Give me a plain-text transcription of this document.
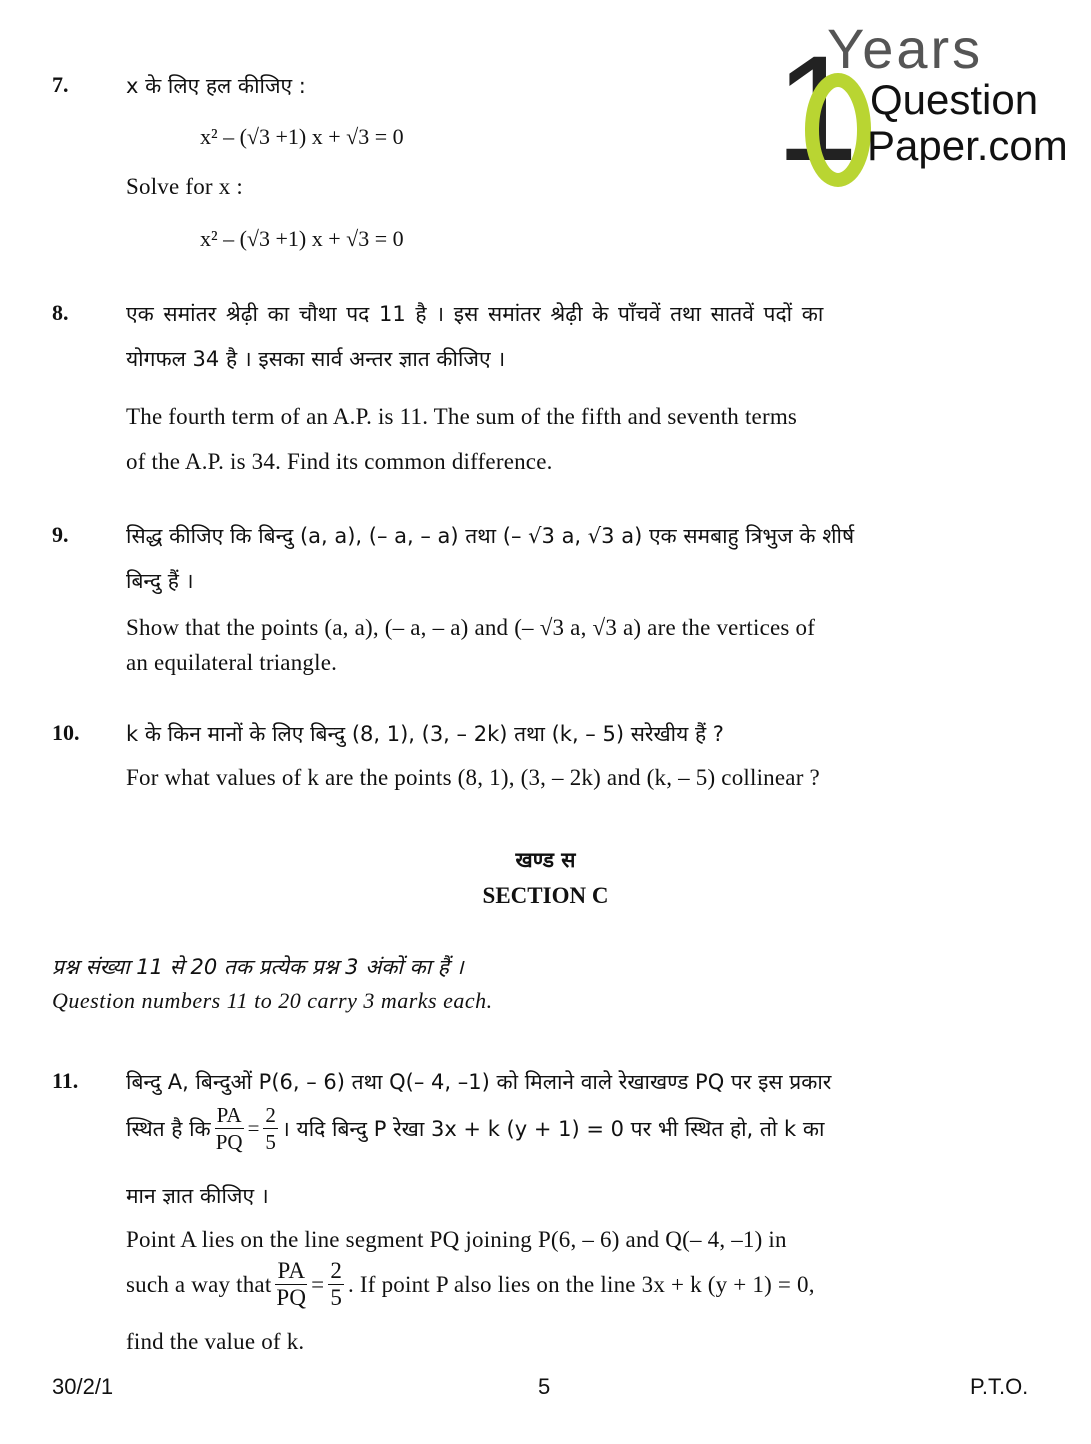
1
Years
Question
Paper.com
7.	x के लिए हल कीजिए :
x² – (√3 +1) x + √3 = 0
Solve for x :
x² – (√3 +1) x + √3 = 0
8.	एक समांतर श्रेढ़ी का चौथा पद 11 है । इस समांतर श्रेढ़ी के पाँचवें तथा सातवें पदों का
योगफल 34 है । इसका सार्व अन्तर ज्ञात कीजिए ।
The fourth term of an A.P. is 11. The sum of the fifth and seventh terms
of the A.P. is 34. Find its common difference.
9.	सिद्ध कीजिए कि बिन्दु (a, a), (– a, – a) तथा (– √3 a, √3 a) एक समबाहु त्रिभुज के शीर्ष
बिन्दु हैं ।
Show that the points (a, a), (– a, – a) and (– √3 a, √3 a) are the vertices of
an equilateral triangle.
10. k के किन मानों के लिए बिन्दु (8, 1), (3, – 2k) तथा (k, – 5) सरेखीय हैं ?
For what values of k are the points (8, 1), (3, – 2k) and (k, – 5) collinear ?
खण्ड स
SECTION C
प्रश्न संख्या 11 से 20 तक प्रत्येक प्रश्न 3 अंकों का हैं ।
Question numbers 11 to 20 carry 3 marks each.
11. बिन्दु A, बिन्दुओं P(6, – 6) तथा Q(– 4, –1) को मिलाने वाले रेखाखण्ड PQ पर इस प्रकार
स्थित है कि $\frac{PA}{PQ} = \frac{2}{5}$ । यदि बिन्दु P रेखा 3x + k (y + 1) = 0 पर भी स्थित हो, तो k का
मान ज्ञात कीजिए ।
Point A lies on the line segment PQ joining P(6, – 6) and Q(– 4, –1) in
such a way that $\frac{PA}{PQ} = \frac{2}{5}$ . If point P also lies on the line 3x + k (y + 1) = 0,
find the value of k.
30/2/1	5	P.T.O.
